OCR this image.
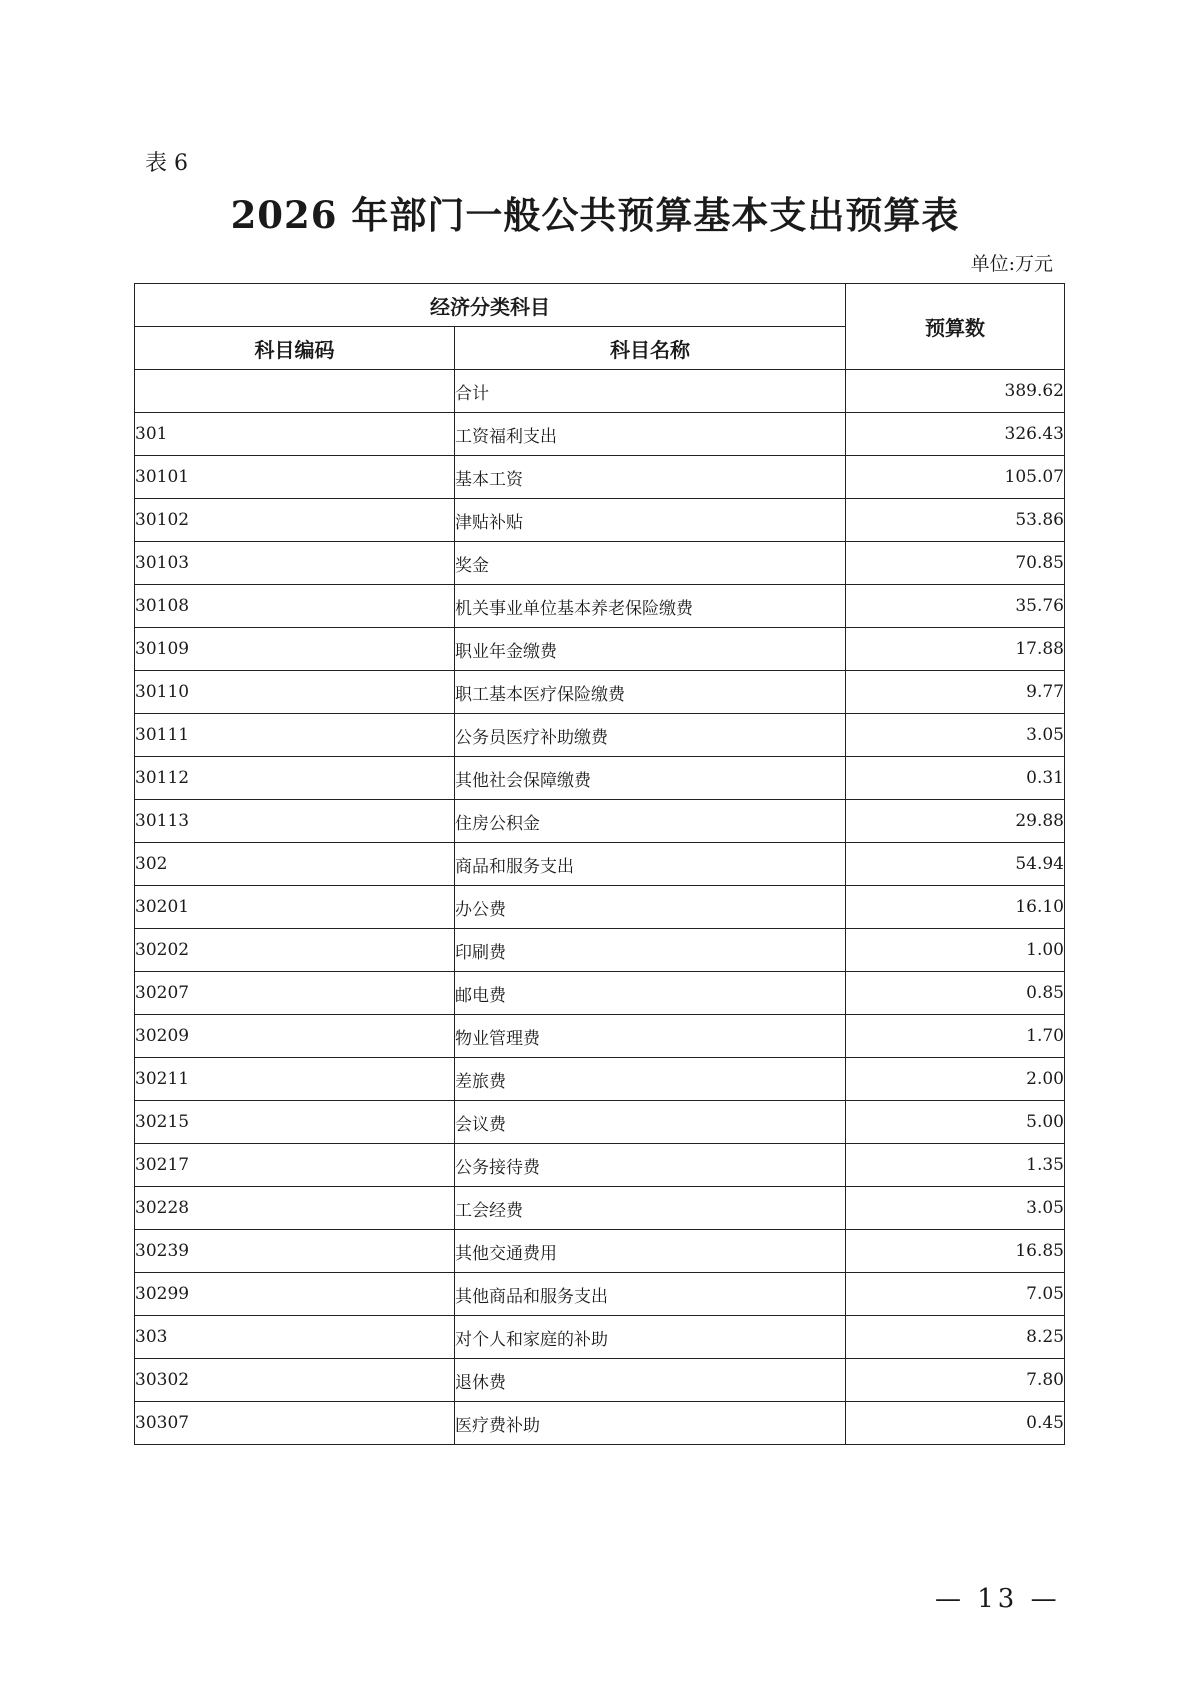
表 6
2026 年部门一般公共预算基本支出预算表
单位:万元
经济分类科目		预算数
科目编码	科目名称	
	合计	389.62
301	工资福利支出	326.43
30101	基本工资	105.07
30102	津贴补贴	53.86
30103	奖金	70.85
30108	机关事业单位基本养老保险缴费	35.76
30109	职业年金缴费	17.88
30110	职工基本医疗保险缴费	9.77
30111	公务员医疗补助缴费	3.05
30112	其他社会保障缴费	0.31
30113	住房公积金	29.88
302	商品和服务支出	54.94
30201	办公费	16.10
30202	印刷费	1.00
30207	邮电费	0.85
30209	物业管理费	1.70
30211	差旅费	2.00
30215	会议费	5.00
30217	公务接待费	1.35
30228	工会经费	3.05
30239	其他交通费用	16.85
30299	其他商品和服务支出	7.05
303	对个人和家庭的补助	8.25
30302	退休费	7.80
30307	医疗费补助	0.45
— 13 —
